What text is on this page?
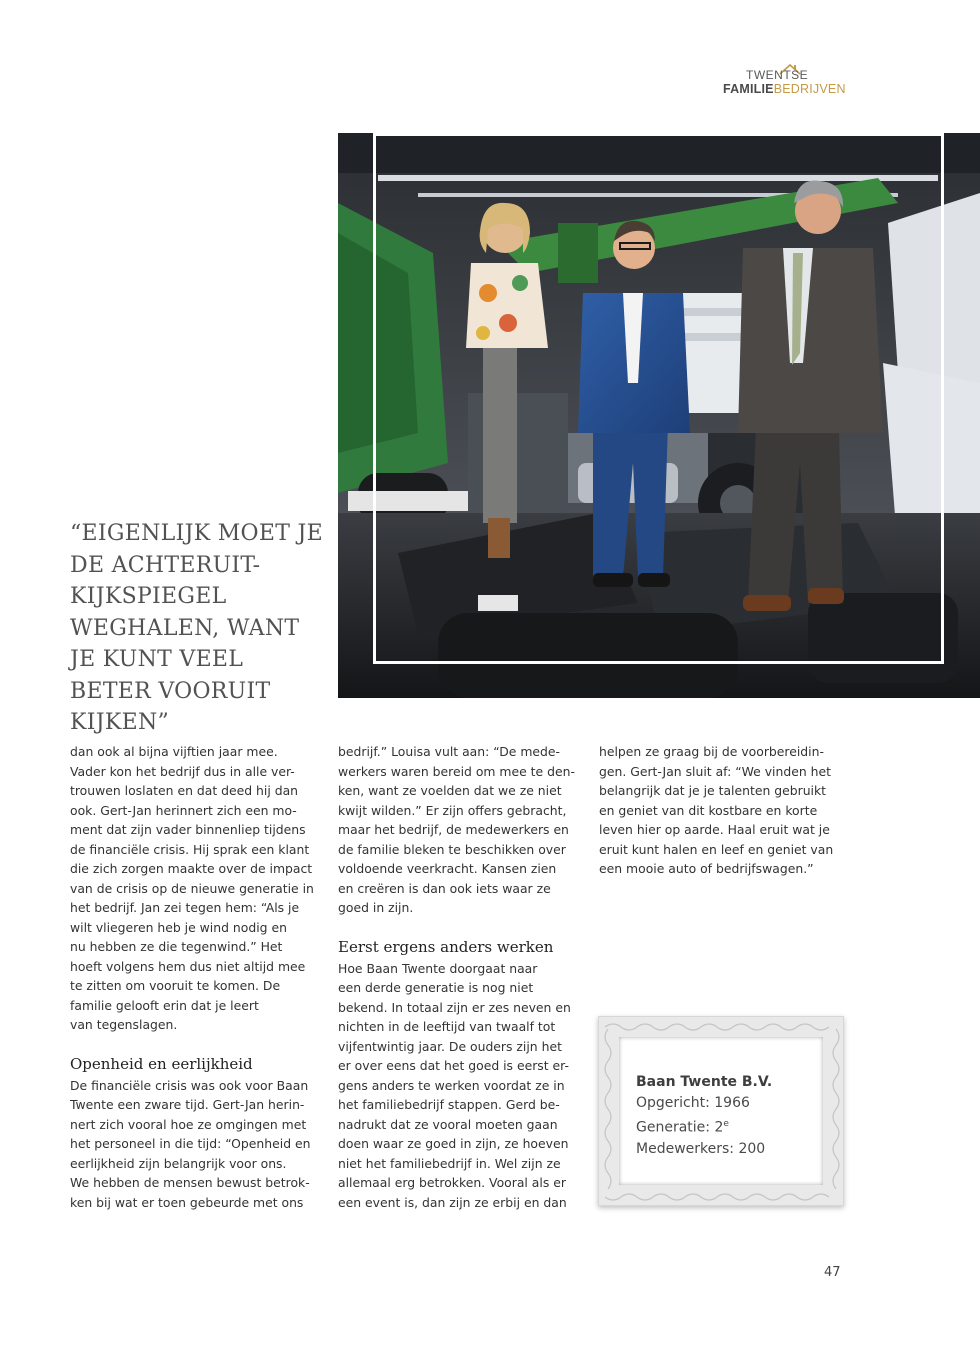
TWENTSE
FAMILIEBEDRIJVEN
“EIGENLIJK MOET JE DE ACHTERUIT-KIJKSPIEGEL WEGHALEN, WANT JE KUNT VEEL BETER VOORUIT KIJKEN”

dan ook al bijna vijftien jaar mee.
Vader kon het bedrijf dus in alle ver-
trouwen loslaten en dat deed hij dan
ook. Gert-Jan herinnert zich een mo-
ment dat zijn vader binnenliep tijdens
de financiële crisis. Hij sprak een klant
die zich zorgen maakte over de impact
van de crisis op de nieuwe generatie in
het bedrijf. Jan zei tegen hem: “Als je
wilt vliegeren heb je wind nodig en
nu hebben ze die tegenwind.” Het
hoeft volgens hem dus niet altijd mee
te zitten om vooruit te komen. De
familie gelooft erin dat je leert
van tegenslagen.

Openheid en eerlijkheid

De financiële crisis was ook voor Baan
Twente een zware tijd. Gert-Jan herin-
nert zich vooral hoe ze omgingen met
het personeel in die tijd: “Openheid en
eerlijkheid zijn belangrijk voor ons.
We hebben de mensen bewust betrok-
ken bij wat er toen gebeurde met ons

bedrijf.” Louisa vult aan: “De mede-
werkers waren bereid om mee te den-
ken, want ze voelden dat we ze niet
kwijt wilden.” Er zijn offers gebracht,
maar het bedrijf, de medewerkers en
de familie bleken te beschikken over
voldoende veerkracht. Kansen zien
en creëren is dan ook iets waar ze
goed in zijn.

Eerst ergens anders werken

Hoe Baan Twente doorgaat naar
een derde generatie is nog niet
bekend. In totaal zijn er zes neven en
nichten in de leeftijd van twaalf tot
vijfentwintig jaar. De ouders zijn het
er over eens dat het goed is eerst er-
gens anders te werken voordat ze in
het familiebedrijf stappen. Gerd be-
nadrukt dat ze vooral moeten gaan
doen waar ze goed in zijn, ze hoeven
niet het familiebedrijf in. Wel zijn ze
allemaal erg betrokken. Vooral als er
een event is, dan zijn ze erbij en dan

helpen ze graag bij de voorbereidin-
gen. Gert-Jan sluit af: “We vinden het
belangrijk dat je je talenten gebruikt
en geniet van dit kostbare en korte
leven hier op aarde. Haal eruit wat je
eruit kunt halen en leef en geniet van
een mooie auto of bedrijfswagen.”

Baan Twente B.V.
Opgericht: 1966
Generatie: 2e
Medewerkers: 200
47
